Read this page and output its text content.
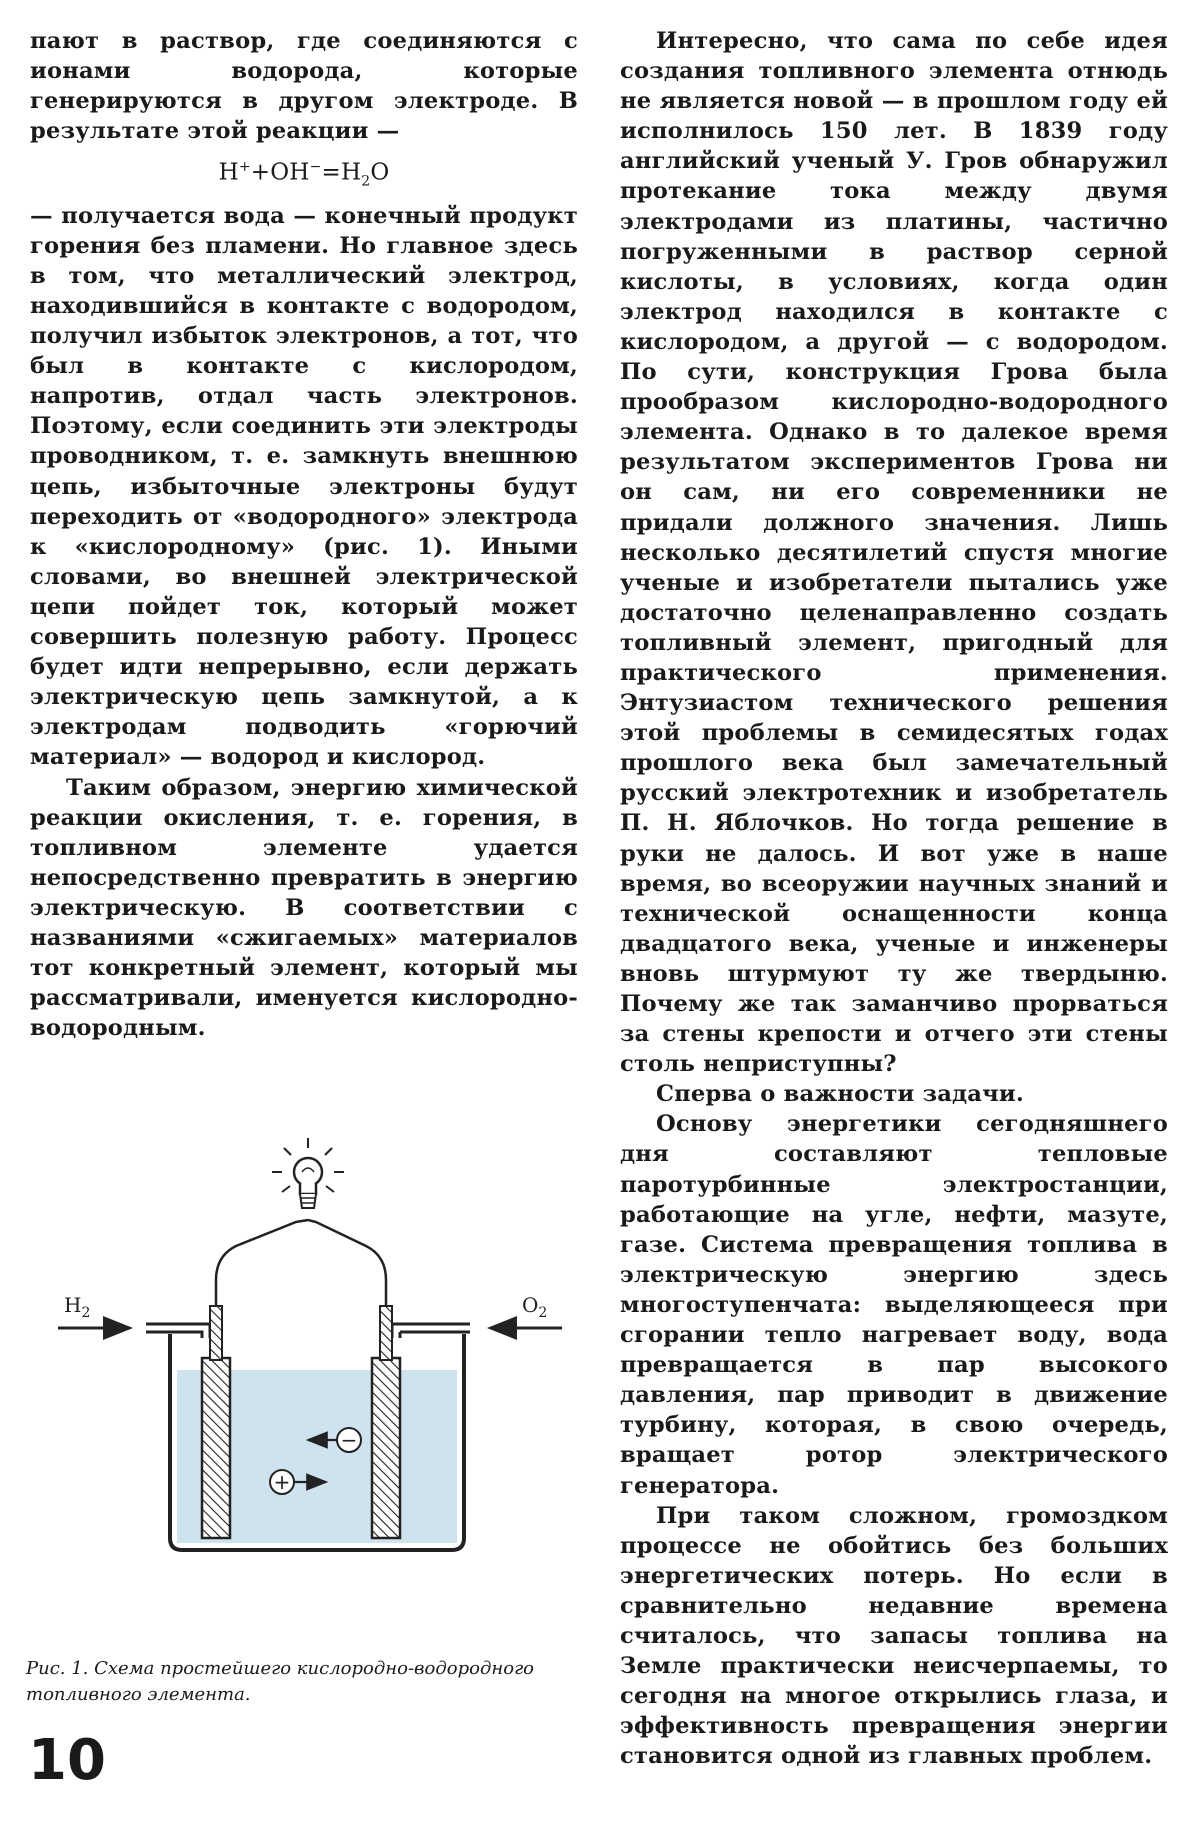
пают в раствор, где соединяются с ионами водорода, которые генерируются в другом электроде. В результате этой реакции —

$H^++OH^-=H_2O$

— получается вода — конечный продукт горения без пламени. Но главное здесь в том, что металлический электрод, находившийся в контакте с водородом, получил избыток электронов, а тот, что был в контакте с кислородом, напротив, отдал часть электронов. Поэтому, если соединить эти электроды проводником, т. е. замкнуть внешнюю цепь, избыточные электроны будут переходить от «водородного» электрода к «кислородному» (рис. 1). Иными словами, во внешней электрической цепи пойдет ток, который может совершить полезную работу. Процесс будет идти непрерывно, если держать электрическую цепь замкнутой, а к электродам подводить «горючий материал» — водород и кислород.

Таким образом, энергию химической реакции окисления, т. е. горения, в топливном элементе удается непосредственно превратить в энергию электрическую. В соответствии с названиями «сжигаемых» материалов тот конкретный элемент, который мы рассматривали, именуется кислородно-водородным.

Интересно, что сама по себе идея создания топливного элемента отнюдь не является новой — в прошлом году ей исполнилось 150 лет. В 1839 году английский ученый У. Гров обнаружил протекание тока между двумя электродами из платины, частично погруженными в раствор серной кислоты, в условиях, когда один электрод находился в контакте с кислородом, а другой — с водородом. По сути, конструкция Грова была прообразом кислородно-водородного элемента. Однако в то далекое время результатом экспериментов Грова ни он сам, ни его современники не придали должного значения. Лишь несколько десятилетий спустя многие ученые и изобретатели пытались уже достаточно целенаправленно создать топливный элемент, пригодный для практического применения. Энтузиастом технического решения этой проблемы в семидесятых годах прошлого века был замечательный русский электротехник и изобретатель П. Н. Яблочков. Но тогда решение в руки не далось. И вот уже в наше время, во всеоружии научных знаний и технической оснащенности конца двадцатого века, ученые и инженеры вновь штурмуют ту же твердыню. Почему же так заманчиво прорваться за стены крепости и отчего эти стены столь неприступны?

Сперва о важности задачи.

Основу энергетики сегодняшнего дня составляют тепловые паротурбинные электростанции, работающие на угле, нефти, мазуте, газе. Система превращения топлива в электрическую энергию здесь многоступенчата: выделяющееся при сгорании тепло нагревает воду, вода превращается в пар высокого давления, пар приводит в движение турбину, которая, в свою очередь, вращает ротор электрического генератора.

При таком сложном, громоздком процессе не обойтись без больших энергетических потерь. Но если в сравнительно недавние времена считалось, что запасы топлива на Земле практически неисчерпаемы, то сегодня на многое открылись глаза, и эффективность превращения энергии становится одной из главных проблем.

$H_2$	$O_2$
−
+
Рис. 1. Схема простейшего кислородно-водородного топливного элемента.
10
